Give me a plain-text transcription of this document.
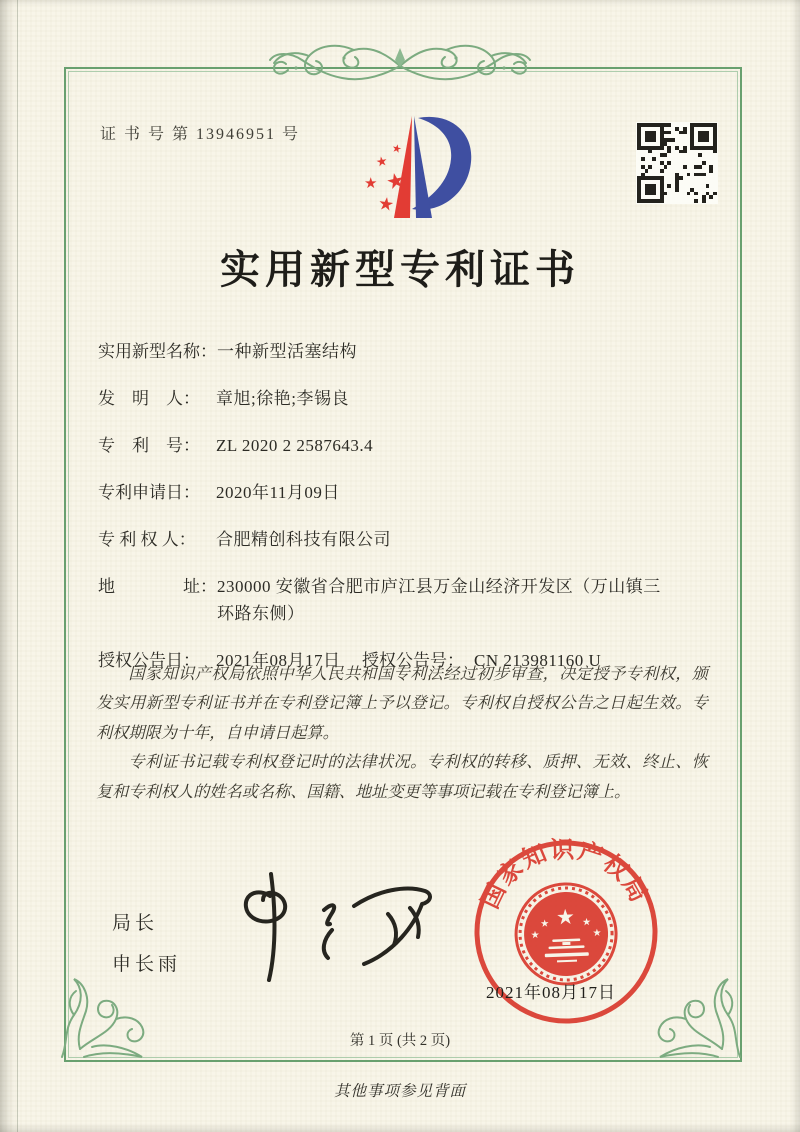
证 书 号 第 13946951 号
★
★
★
★
★
实用新型专利证书
实用新型名称： 一种新型活塞结构
发　明　人： 章旭;徐艳;李锡良
专　利　号： ZL 2020 2 2587643.4
专利申请日： 2020年11月09日
专 利 权 人：	合肥精创科技有限公司
地　　　　址： 230000 安徽省合肥市庐江县万金山经济开发区（万山镇三环路东侧）
授权公告日： 2021年08月17日	授权公告号： CN 213981160 U

国家知识产权局依照中华人民共和国专利法经过初步审查，决定授予专利权，颁发实用新型专利证书并在专利登记簿上予以登记。专利权自授权公告之日起生效。专利权期限为十年，自申请日起算。

专利证书记载专利权登记时的法律状况。专利权的转移、质押、无效、终止、恢复和专利权人的姓名或名称、国籍、地址变更等事项记载在专利登记簿上。

局长
申长雨
国家知识产权局
★
★
★
★
★
2021年08月17日
第 1 页 (共 2 页)
其他事项参见背面
